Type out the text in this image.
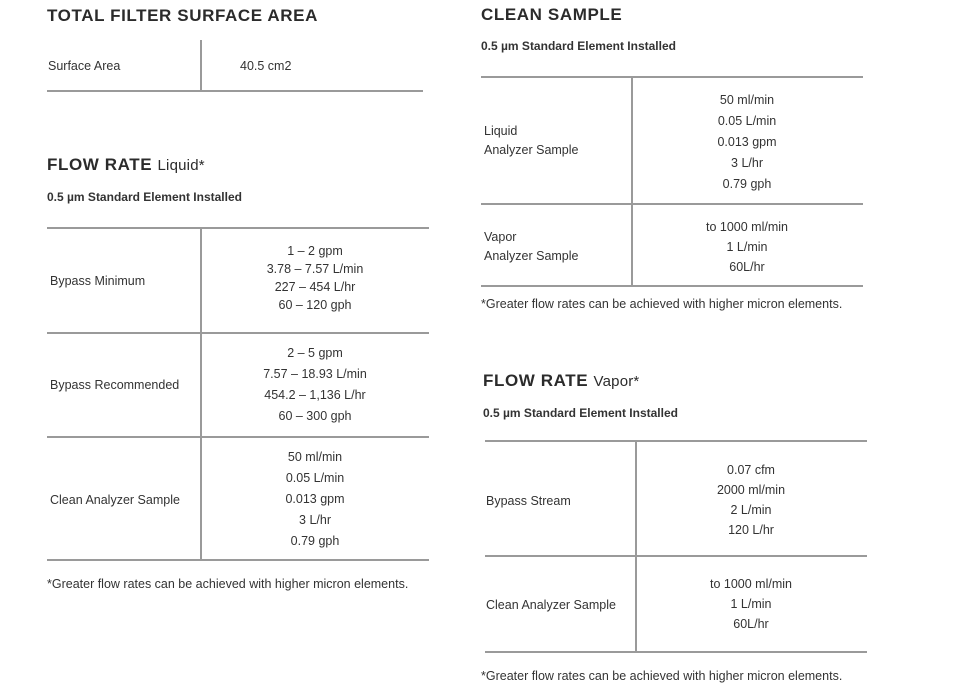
TOTAL FILTER SURFACE AREA
Surface Area	40.5 cm2
FLOW RATE Liquid*
0.5 µm Standard Element Installed
Bypass Minimum
1 – 2 gpm
3.78 – 7.57 L/min
227 – 454 L/hr
60 – 120 gph
Bypass Recommended
2 – 5 gpm
7.57 – 18.93 L/min
454.2 – 1,136 L/hr
60 – 300 gph
Clean Analyzer Sample
50 ml/min
0.05 L/min
0.013 gpm
3 L/hr
0.79 gph
*Greater flow rates can be achieved with higher micron elements.
CLEAN SAMPLE
0.5 µm Standard Element Installed
Liquid
Analyzer Sample
50 ml/min
0.05 L/min
0.013 gpm
3 L/hr
0.79 gph
Vapor
Analyzer Sample
to 1000 ml/min
1 L/min
60L/hr
*Greater flow rates can be achieved with higher micron elements.
FLOW RATE Vapor*
0.5 µm Standard Element Installed
Bypass Stream
0.07 cfm
2000 ml/min
2 L/min
120 L/hr
Clean Analyzer Sample
to 1000 ml/min
1 L/min
60L/hr
*Greater flow rates can be achieved with higher micron elements.
